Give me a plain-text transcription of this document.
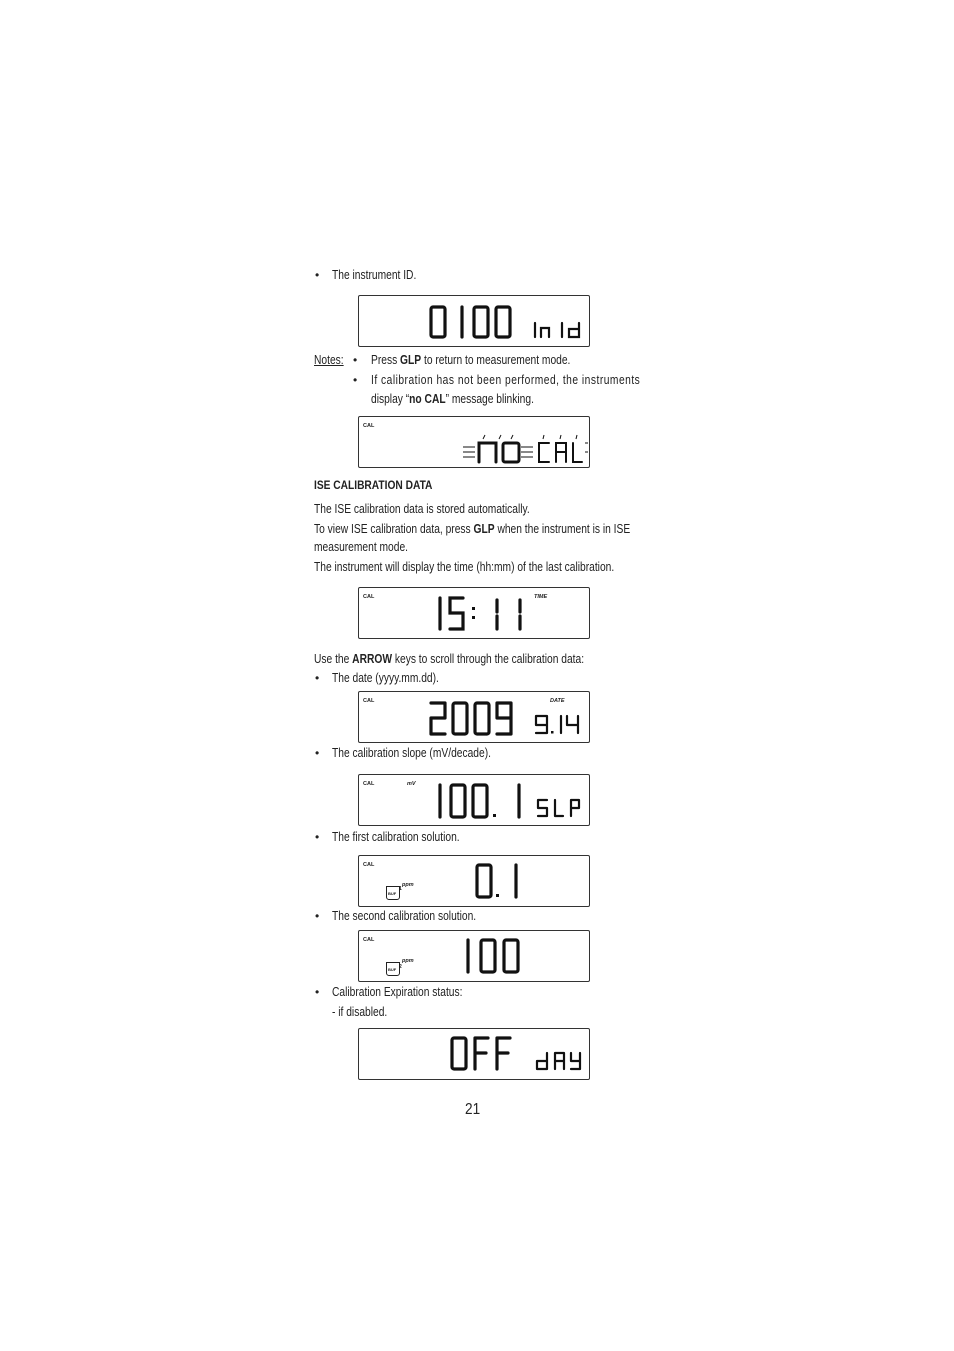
• The instrument ID.
Notes: • Press GLP to return to measurement mode.
• If calibration has not been performed, the instruments
display “no CAL” message blinking.
CAL
ISE CALIBRATION DATA
The ISE calibration data is stored automatically.
To view ISE calibration data, press GLP when the instrument is in ISE
measurement mode.
The instrument will display the time (hh:mm) of the last calibration.
CAL	TIME
Use the ARROW keys to scroll through the calibration data:
• The date (yyyy.mm.dd).
CAL	DATE
• The calibration slope (mV/decade).
CAL	mV
• The first calibration solution.
CAL
BUF
1
ppm
• The second calibration solution.
CAL
BUF 2
ppm
• Calibration Expiration status:
- if disabled.
21
